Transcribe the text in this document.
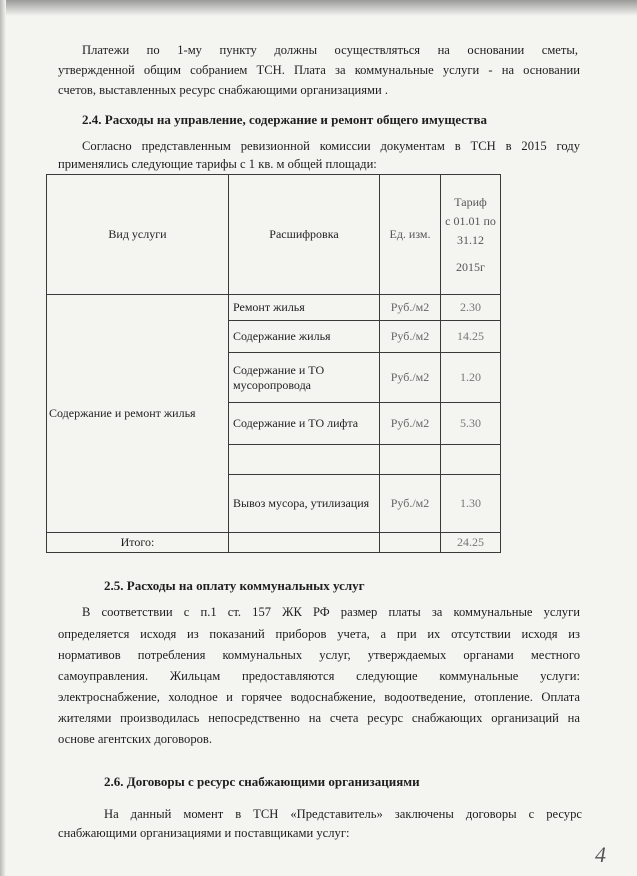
Платежи по 1-му пункту должны осуществляться на основании сметы,
утвержденной общим собранием ТСН. Плата за коммунальные услуги - на основании
счетов, выставленных ресурс снабжающими организациями .
2.4. Расходы на управление, содержание и ремонт общего имущества
Согласно представленным ревизионной комиссии документам в ТСН в 2015 году
применялись следующие тарифы с 1 кв. м общей площади:
Вид услуги	Расшифровка	Ед. изм.	Тариф
с 01.01 по
31.12
2015г

Содержание и ремонт жилья	Ремонт жилья	Руб./м2	2.30
	Содержание жилья	Руб./м2	14.25
	Содержание и ТО мусоропровода	Руб./м2	1.20
	Содержание и ТО лифта	Руб./м2	5.30

	Вывоз мусора, утилизация	Руб./м2	1.30
Итого:			24.25
2.5. Расходы на оплату коммунальных услуг
В соответствии с п.1 ст. 157 ЖК РФ размер платы за коммунальные услуги
определяется исходя из показаний приборов учета, а при их отсутствии исходя из
нормативов потребления коммунальных услуг, утверждаемых органами местного
самоуправления. Жильцам предоставляются следующие коммунальные услуги:
электроснабжение, холодное и горячее водоснабжение, водоотведение, отопление. Оплата
жителями производилась непосредственно на счета ресурс снабжающих организаций на
основе агентских договоров.
2.6. Договоры с ресурс снабжающими организациями
На данный момент в ТСН «Представитель» заключены договоры с ресурс
снабжающими организациями и поставщиками услуг:
4
